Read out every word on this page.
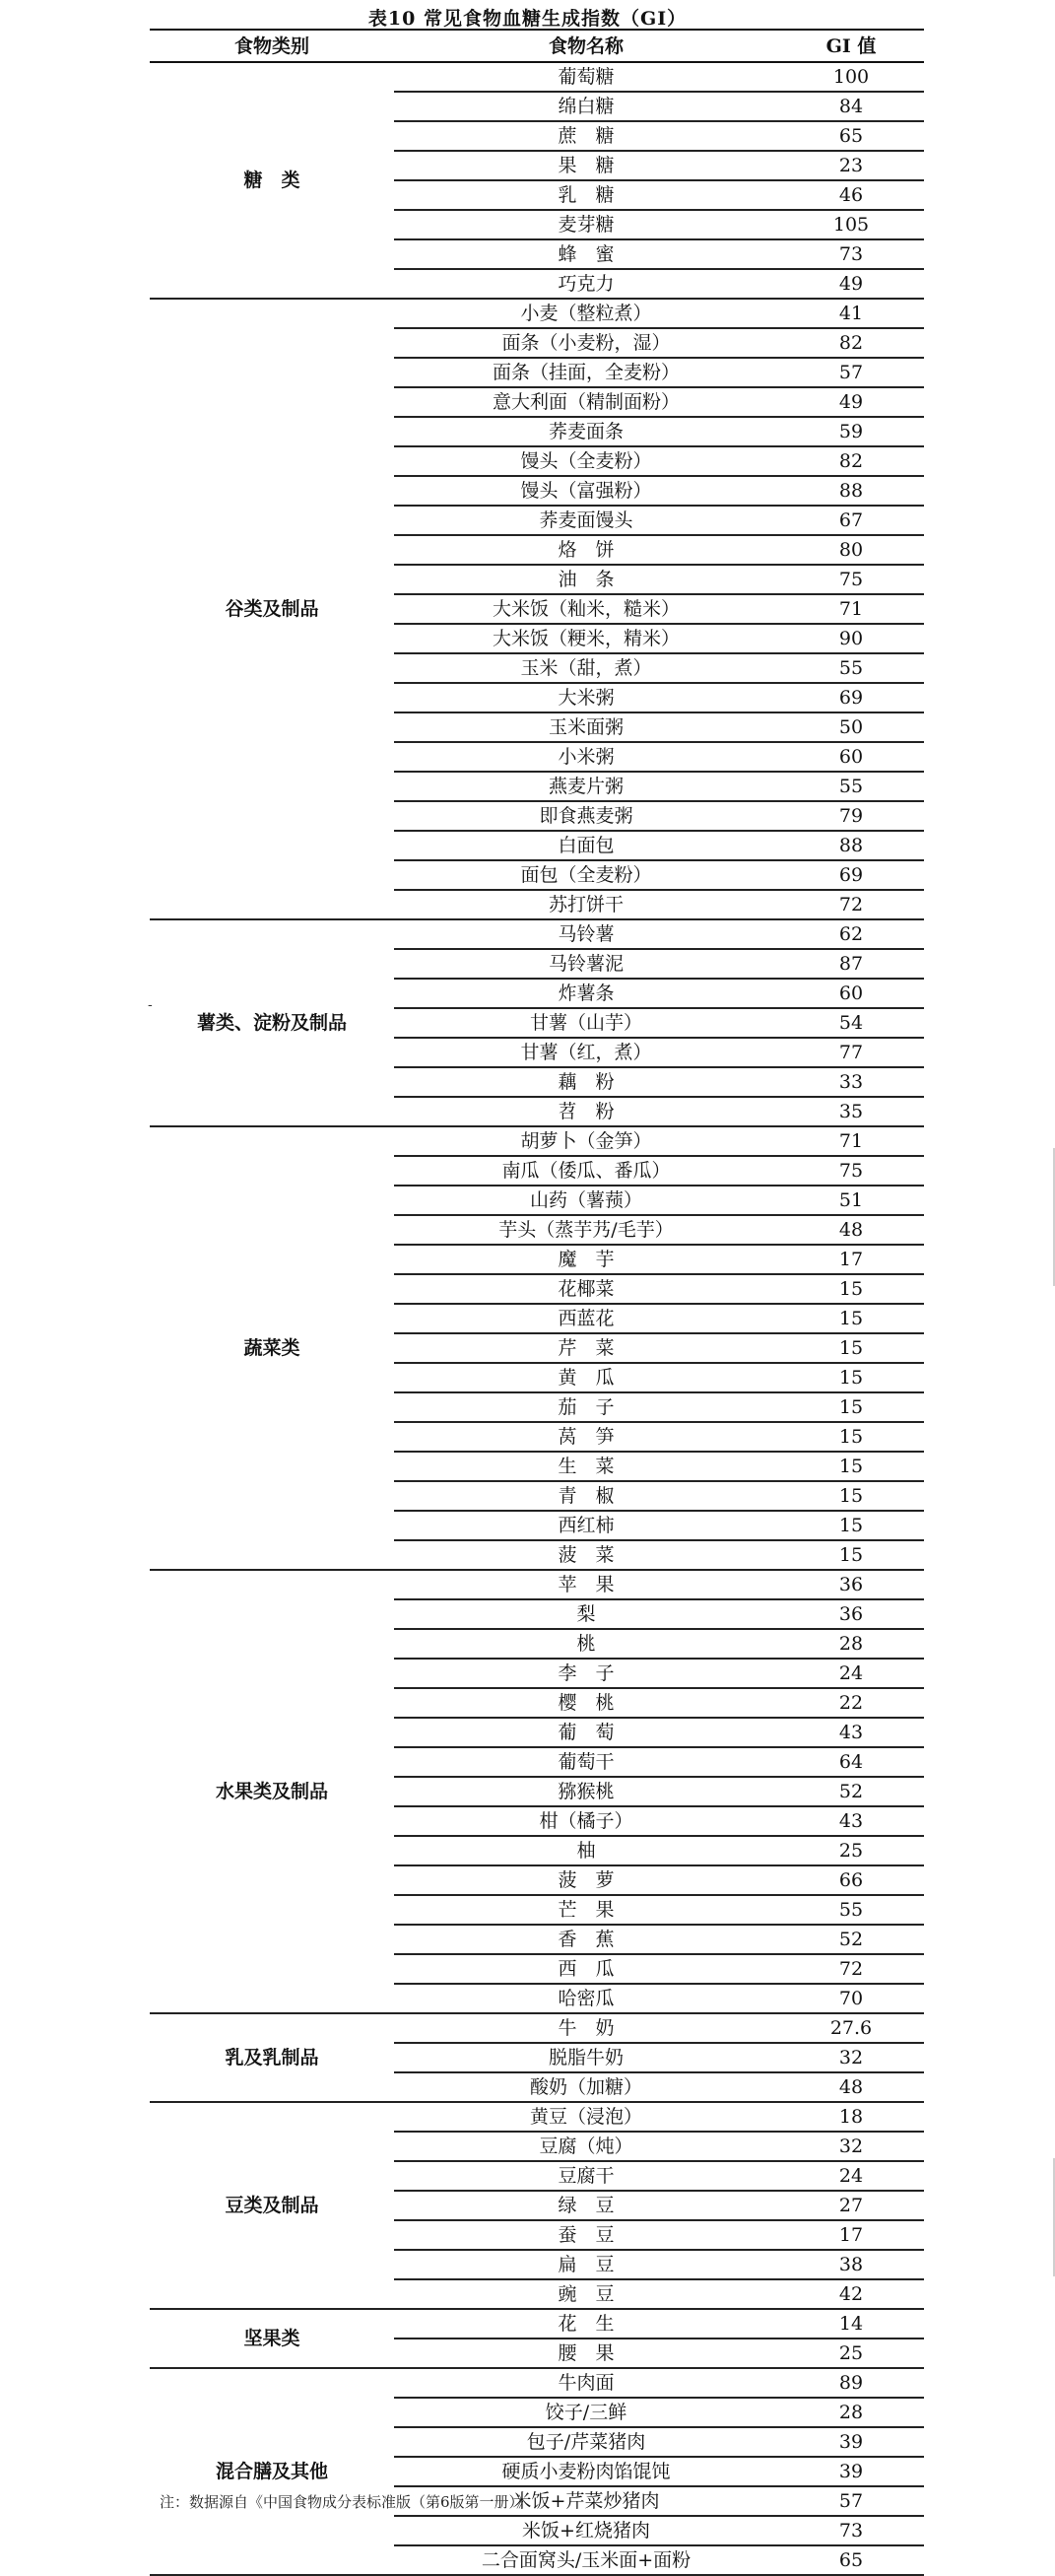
表10 常见食物血糖生成指数（GI）
食物类别	食物名称	GI 值
糖　类	葡萄糖	100
	绵白糖	84
	蔗　糖	65
	果　糖	23
	乳　糖	46
	麦芽糖	105
	蜂　蜜	73
	巧克力	49
谷类及制品	小麦（整粒煮）	41
	面条（小麦粉，湿）	82
	面条（挂面，全麦粉）	57
	意大利面（精制面粉）	49
	荞麦面条	59
	馒头（全麦粉）	82
	馒头（富强粉）	88
	荞麦面馒头	67
	烙　饼	80
	油　条	75
	大米饭（籼米，糙米）	71
	大米饭（粳米，精米）	90
	玉米（甜，煮）	55
	大米粥	69
	玉米面粥	50
	小米粥	60
	燕麦片粥	55
	即食燕麦粥	79
	白面包	88
	面包（全麦粉）	69
	苏打饼干	72
薯类、淀粉及制品	马铃薯	62
	马铃薯泥	87
	炸薯条	60
	甘薯（山芋）	54
	甘薯（红，煮）	77
	藕　粉	33
	苕　粉	35
蔬菜类	胡萝卜（金笋）	71
	南瓜（倭瓜、番瓜）	75
	山药（薯蓣）	51
	芋头（蒸芋艿/毛芋）	48
	魔　芋	17
	花椰菜	15
	西蓝花	15
	芹　菜	15
	黄　瓜	15
	茄　子	15
	莴　笋	15
	生　菜	15
	青　椒	15
	西红柿	15
	菠　菜	15
水果类及制品	苹　果	36
	梨	36
	桃	28
	李　子	24
	樱　桃	22
	葡　萄	43
	葡萄干	64
	猕猴桃	52
	柑（橘子）	43
	柚	25
	菠　萝	66
	芒　果	55
	香　蕉	52
	西　瓜	72
	哈密瓜	70
乳及乳制品	牛　奶	27.6
	脱脂牛奶	32
	酸奶（加糖）	48
豆类及制品	黄豆（浸泡）	18
	豆腐（炖）	32
	豆腐干	24
	绿　豆	27
	蚕　豆	17
	扁　豆	38
	豌　豆	42
坚果类	花　生	14
	腰　果	25
混合膳及其他	牛肉面	89
	饺子/三鲜	28
	包子/芹菜猪肉	39
	硬质小麦粉肉馅馄饨	39
	米饭+芹菜炒猪肉	57
	米饭+红烧猪肉	73
	二合面窝头/玉米面+面粉	65
-
注：数据源自《中国食物成分表标准版（第6版第一册）》
